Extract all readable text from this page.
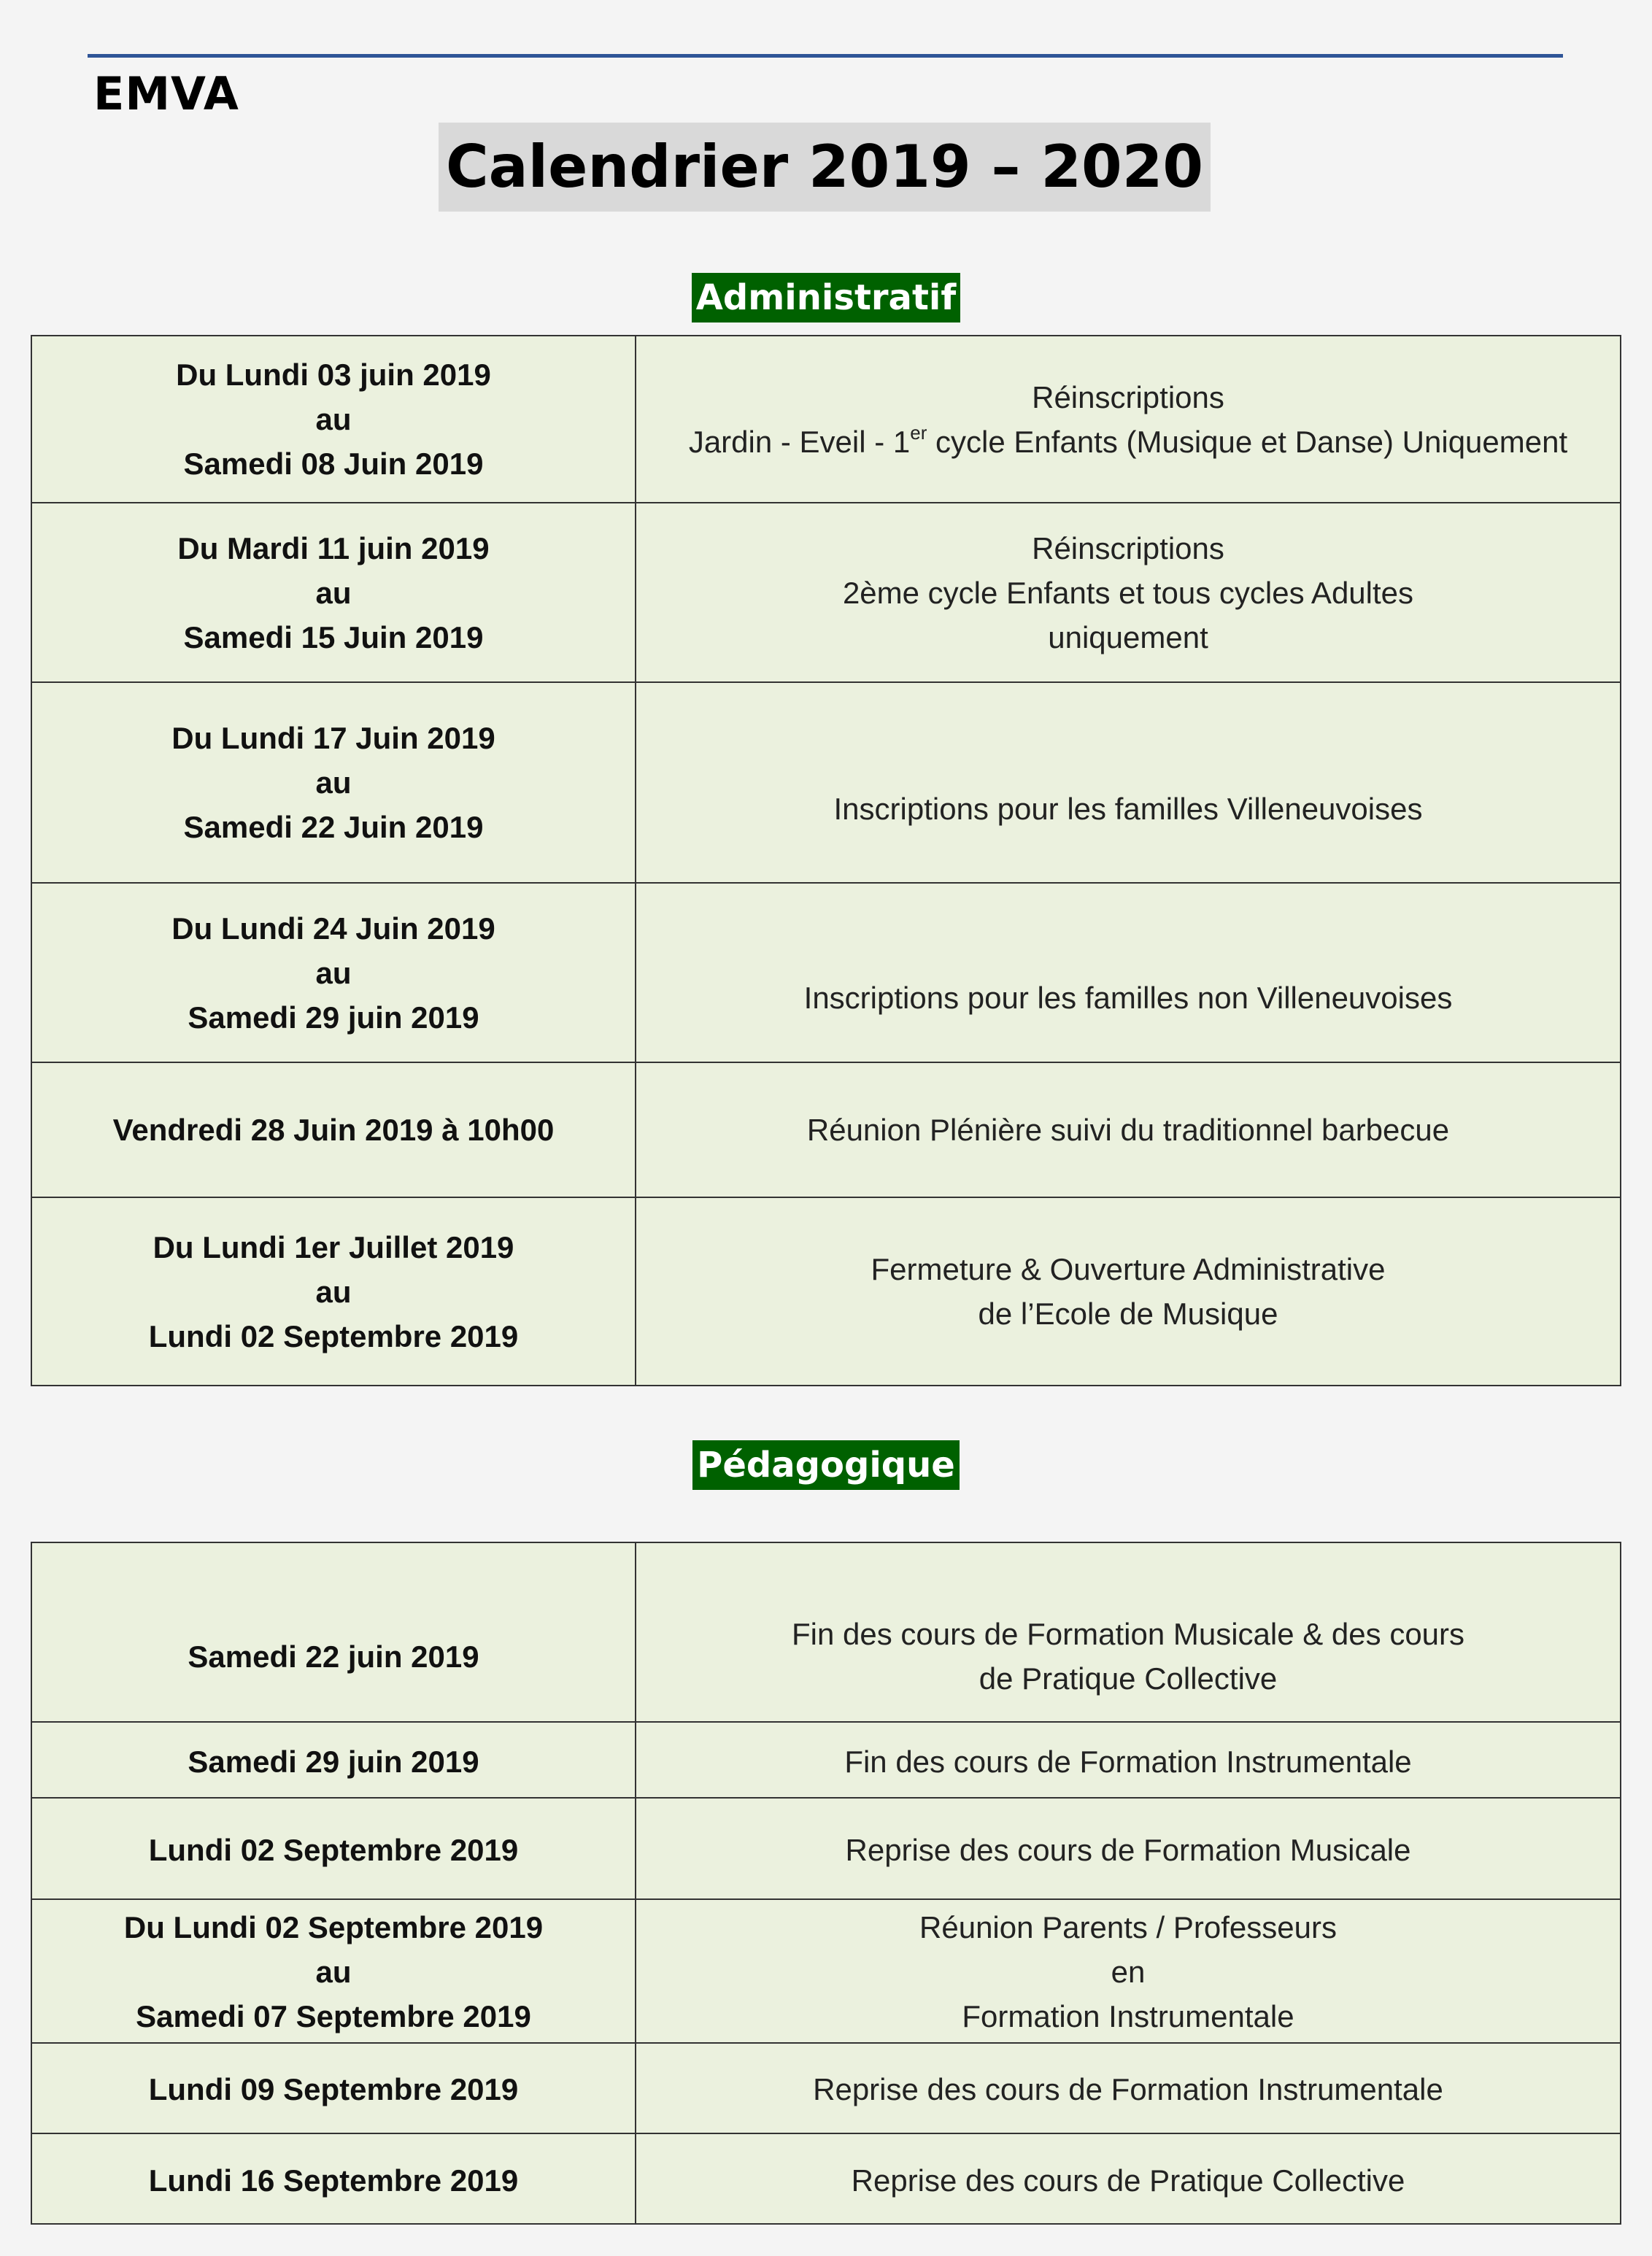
EMVA
Calendrier 2019 – 2020
Administratif
Du Lundi 03 juin 2019
au
Samedi 08 Juin 2019	Réinscriptions
Jardin - Eveil - 1er cycle Enfants (Musique et Danse) Uniquement

Du Mardi 11 juin 2019
au
Samedi 15 Juin 2019	Réinscriptions
2ème cycle Enfants et tous cycles Adultes
uniquement

Du Lundi 17 Juin 2019
au
Samedi 22 Juin 2019	Inscriptions pour les familles Villeneuvoises

Du Lundi 24 Juin 2019
au
Samedi 29 juin 2019	Inscriptions pour les familles non Villeneuvoises

Vendredi 28 Juin 2019 à 10h00	Réunion Plénière suivi du traditionnel barbecue

Du Lundi 1er Juillet 2019
au
Lundi 02 Septembre 2019	Fermeture & Ouverture Administrative
de l’Ecole de Musique
Pédagogique
Samedi 22 juin 2019	Fin des cours de Formation Musicale & des cours
de Pratique Collective

Samedi 29 juin 2019	Fin des cours de Formation Instrumentale

Lundi 02 Septembre 2019	Reprise des cours de Formation Musicale

Du Lundi 02 Septembre 2019
au
Samedi 07 Septembre 2019	Réunion Parents / Professeurs
en
Formation Instrumentale

Lundi 09 Septembre 2019	Reprise des cours de Formation Instrumentale

Lundi 16 Septembre 2019	Reprise des cours de Pratique Collective
